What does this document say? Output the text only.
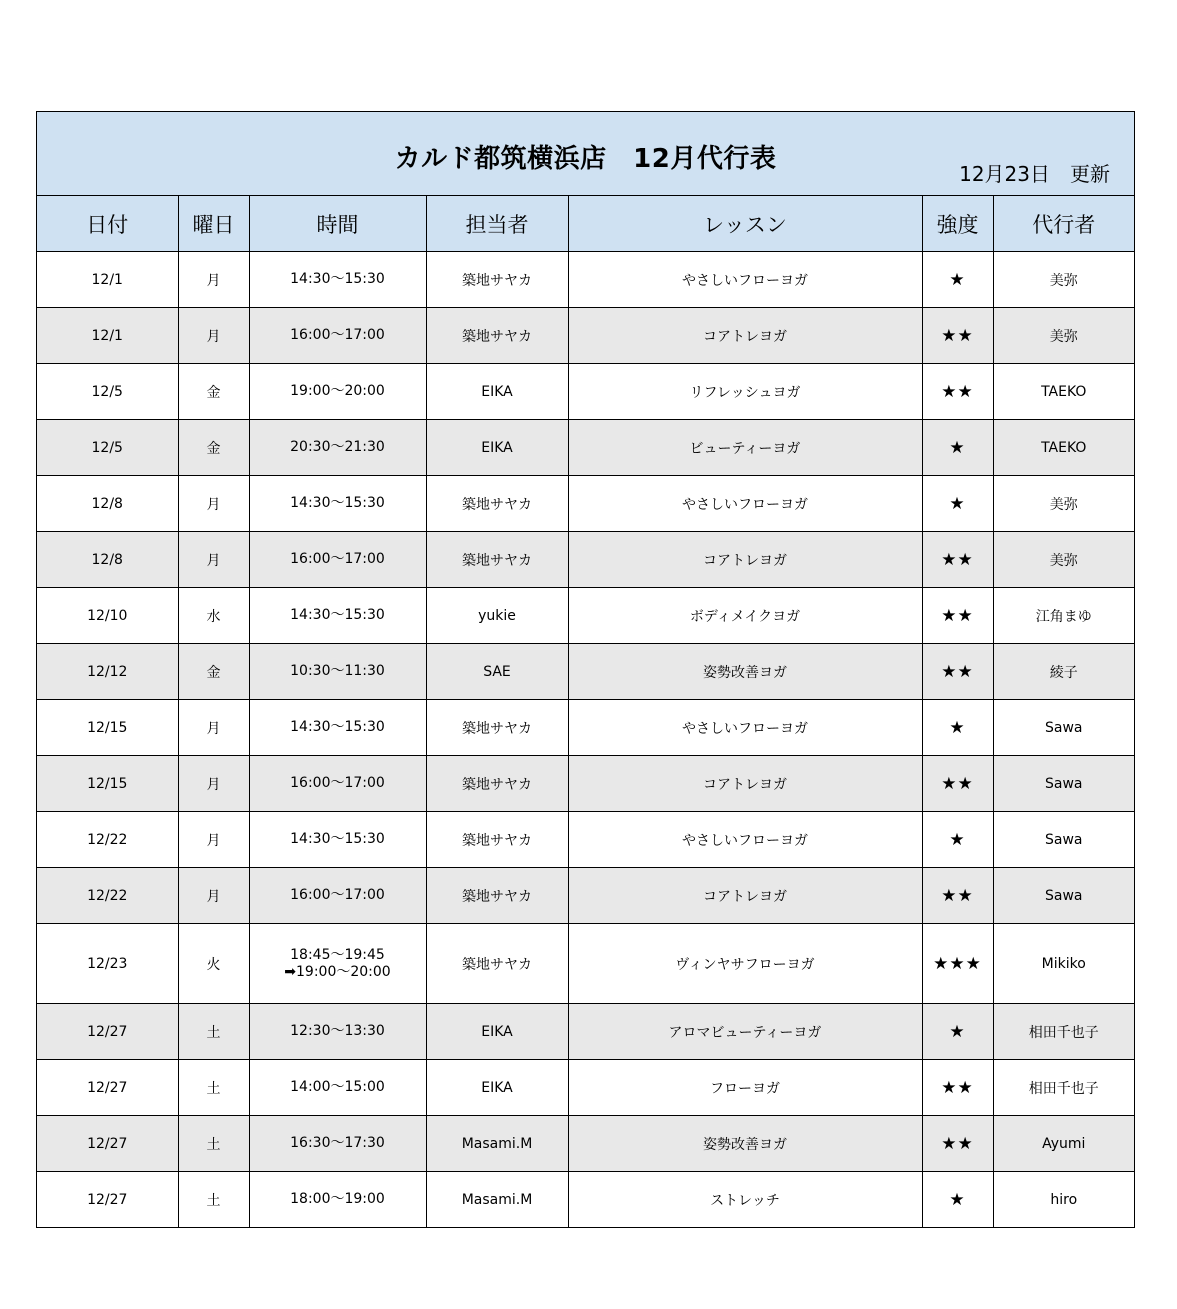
カルド都筑横浜店　12月代行表	12月23日　更新
日付	曜日	時間	担当者	レッスン	強度	代行者
12/1	月	14:30～15:30	築地サヤカ	やさしいフローヨガ	★	美弥
12/1	月	16:00～17:00	築地サヤカ	コアトレヨガ	★★	美弥
12/5	金	19:00～20:00	EIKA	リフレッシュヨガ	★★	TAEKO
12/5	金	20:30～21:30	EIKA	ビューティーヨガ	★	TAEKO
12/8	月	14:30～15:30	築地サヤカ	やさしいフローヨガ	★	美弥
12/8	月	16:00～17:00	築地サヤカ	コアトレヨガ	★★	美弥
12/10	水	14:30～15:30	yukie	ボディメイクヨガ	★★	江角まゆ
12/12	金	10:30～11:30	SAE	姿勢改善ヨガ	★★	綾子
12/15	月	14:30～15:30	築地サヤカ	やさしいフローヨガ	★	Sawa
12/15	月	16:00～17:00	築地サヤカ	コアトレヨガ	★★	Sawa
12/22	月	14:30～15:30	築地サヤカ	やさしいフローヨガ	★	Sawa
12/22	月	16:00～17:00	築地サヤカ	コアトレヨガ	★★	Sawa
12/23	火	18:45～19:45
➡19:00～20:00	築地サヤカ	ヴィンヤサフローヨガ	★★★	Mikiko
12/27	土	12:30～13:30	EIKA	アロマビューティーヨガ	★	相田千也子
12/27	土	14:00～15:00	EIKA	フローヨガ	★★	相田千也子
12/27	土	16:30～17:30	Masami.M	姿勢改善ヨガ	★★	Ayumi
12/27	土	18:00～19:00	Masami.M	ストレッチ	★	hiro
